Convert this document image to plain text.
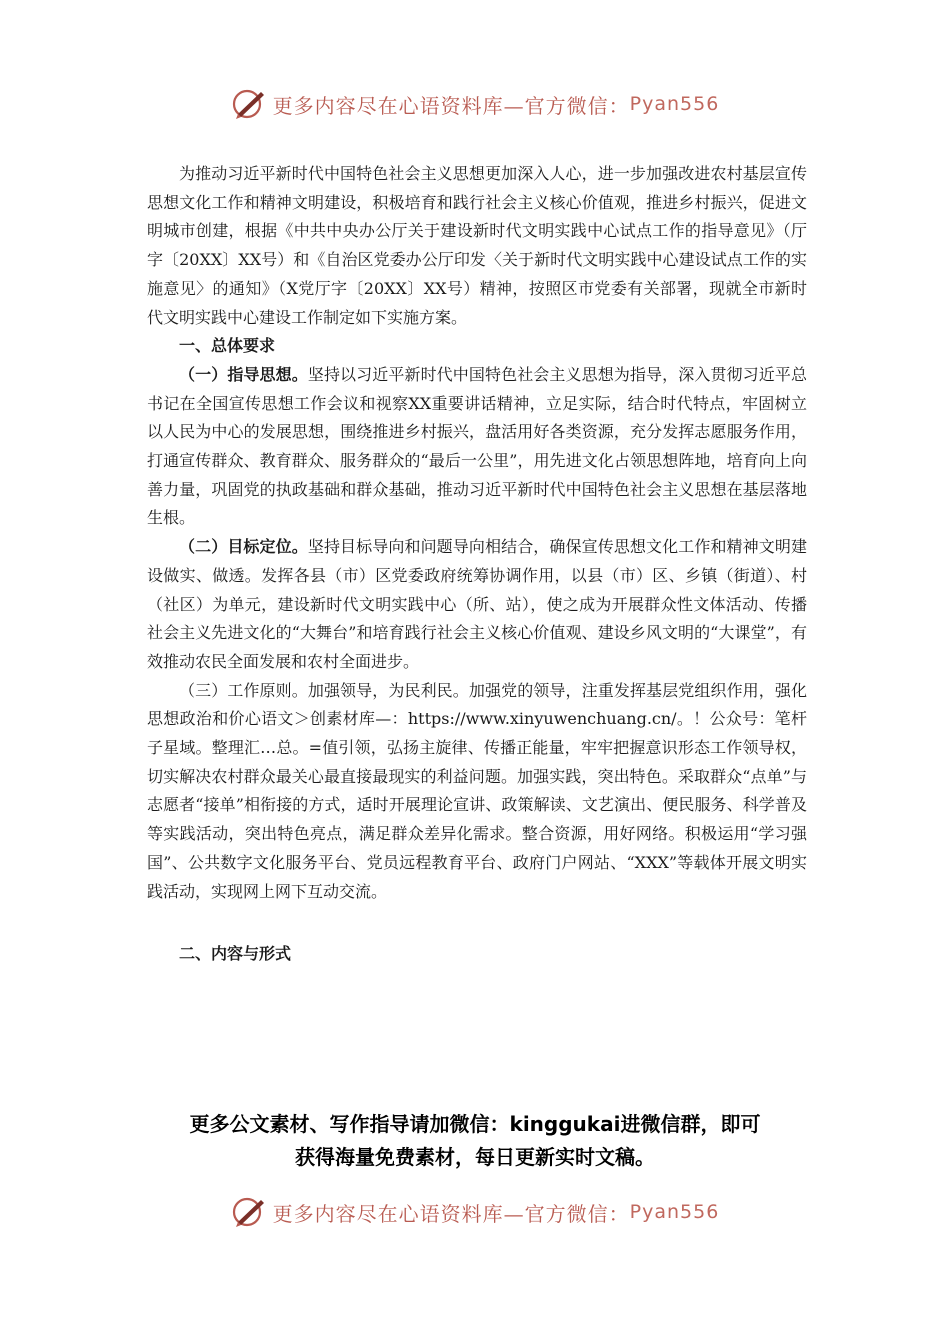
更多内容尽在心语资料库—官方微信： Pyan556

为推动习近平新时代中国特色社会主义思想更加深入人心，进一步加强改进农村基层宣传思想文化工作和精神文明建设，积极培育和践行社会主义核心价值观，推进乡村振兴，促进文明城市创建，根据《中共中央办公厅关于建设新时代文明实践中心试点工作的指导意见》（厅字〔20XX〕XX号）和《自治区党委办公厅印发〈关于新时代文明实践中心建设试点工作的实施意见〉的通知》（X党厅字〔20XX〕XX号）精神，按照区市党委有关部署，现就全市新时代文明实践中心建设工作制定如下实施方案。

一、总体要求

（一）指导思想。坚持以习近平新时代中国特色社会主义思想为指导，深入贯彻习近平总书记在全国宣传思想工作会议和视察XX重要讲话精神，立足实际，结合时代特点，牢固树立以人民为中心的发展思想，围绕推进乡村振兴，盘活用好各类资源，充分发挥志愿服务作用，打通宣传群众、教育群众、服务群众的“最后一公里”，用先进文化占领思想阵地，培育向上向善力量，巩固党的执政基础和群众基础，推动习近平新时代中国特色社会主义思想在基层落地生根。

（二）目标定位。坚持目标导向和问题导向相结合，确保宣传思想文化工作和精神文明建设做实、做透。发挥各县（市）区党委政府统筹协调作用，以县（市）区、乡镇（街道）、村（社区）为单元，建设新时代文明实践中心（所、站），使之成为开展群众性文体活动、传播社会主义先进文化的“大舞台”和培育践行社会主义核心价值观、建设乡风文明的“大课堂”，有效推动农民全面发展和农村全面进步。

（三）工作原则。加强领导，为民利民。加强党的领导，注重发挥基层党组织作用，强化思想政治和价心语文＞创素材库—：https://www.xinyuwenchuang.cn/。！公众号：笔杆子星域。整理汇…总。=值引领，弘扬主旋律、传播正能量，牢牢把握意识形态工作领导权，切实解决农村群众最关心最直接最现实的利益问题。加强实践，突出特色。采取群众“点单”与志愿者“接单”相衔接的方式，适时开展理论宣讲、政策解读、文艺演出、便民服务、科学普及等实践活动，突出特色亮点，满足群众差异化需求。整合资源，用好网络。积极运用“学习强国”、公共数字文化服务平台、党员远程教育平台、政府门户网站、“XXX”等载体开展文明实践活动，实现网上网下互动交流。

二、内容与形式

更多公文素材、写作指导请加微信：kinggukai进微信群，即可
获得海量免费素材，每日更新实时文稿。
更多内容尽在心语资料库—官方微信： Pyan556
